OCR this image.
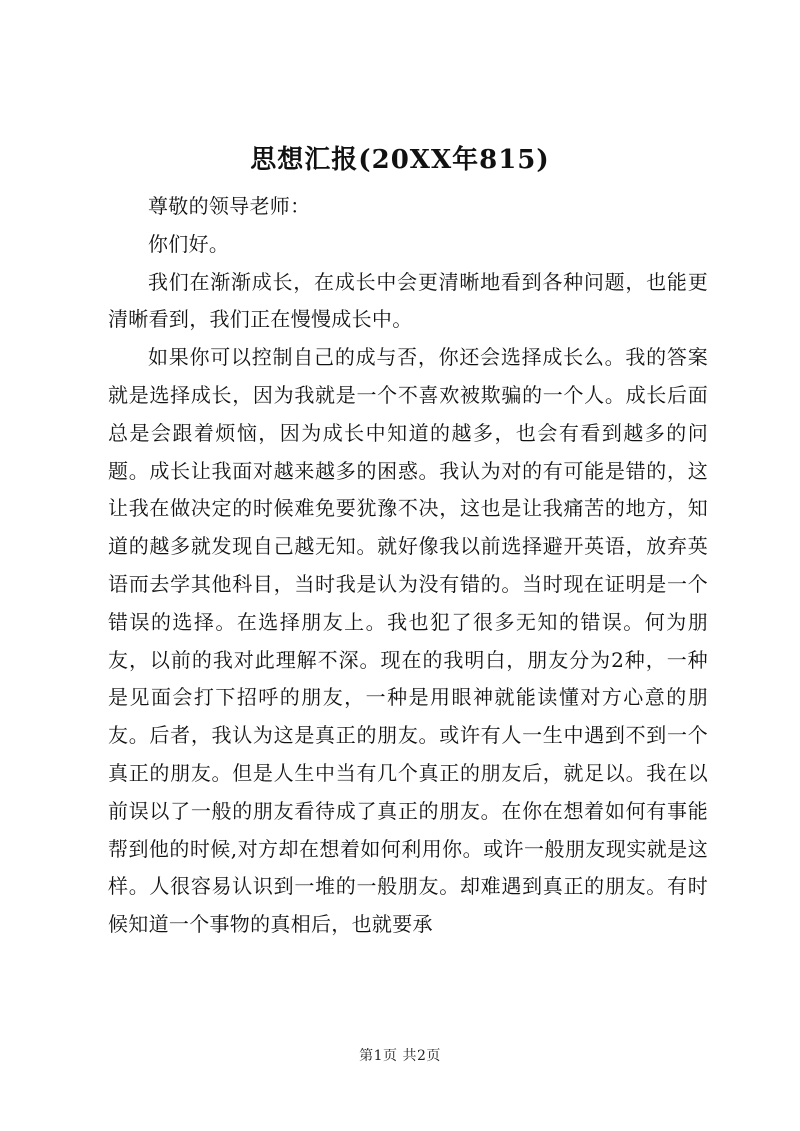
思想汇报(20XX年815)

尊敬的领导老师：

你们好。

我们在渐渐成长，在成长中会更清晰地看到各种问题，也能更清晰看到，我们正在慢慢成长中。

如果你可以控制自己的成与否，你还会选择成长么。我的答案就是选择成长，因为我就是一个不喜欢被欺骗的一个人。成长后面总是会跟着烦恼，因为成长中知道的越多，也会有看到越多的问题。成长让我面对越来越多的困惑。我认为对的有可能是错的，这让我在做决定的时候难免要犹豫不决，这也是让我痛苦的地方，知道的越多就发现自己越无知。就好像我以前选择避开英语，放弃英语而去学其他科目，当时我是认为没有错的。当时现在证明是一个错误的选择。在选择朋友上。我也犯了很多无知的错误。何为朋友，以前的我对此理解不深。现在的我明白，朋友分为2种，一种是见面会打下招呼的朋友，一种是用眼神就能读懂对方心意的朋友。后者，我认为这是真正的朋友。或许有人一生中遇到不到一个真正的朋友。但是人生中当有几个真正的朋友后，就足以。我在以前误以了一般的朋友看待成了真正的朋友。在你在想着如何有事能帮到他的时候,对方却在想着如何利用你。或许一般朋友现实就是这样。人很容易认识到一堆的一般朋友。却难遇到真正的朋友。有时候知道一个事物的真相后，也就要承

第1页 共2页
